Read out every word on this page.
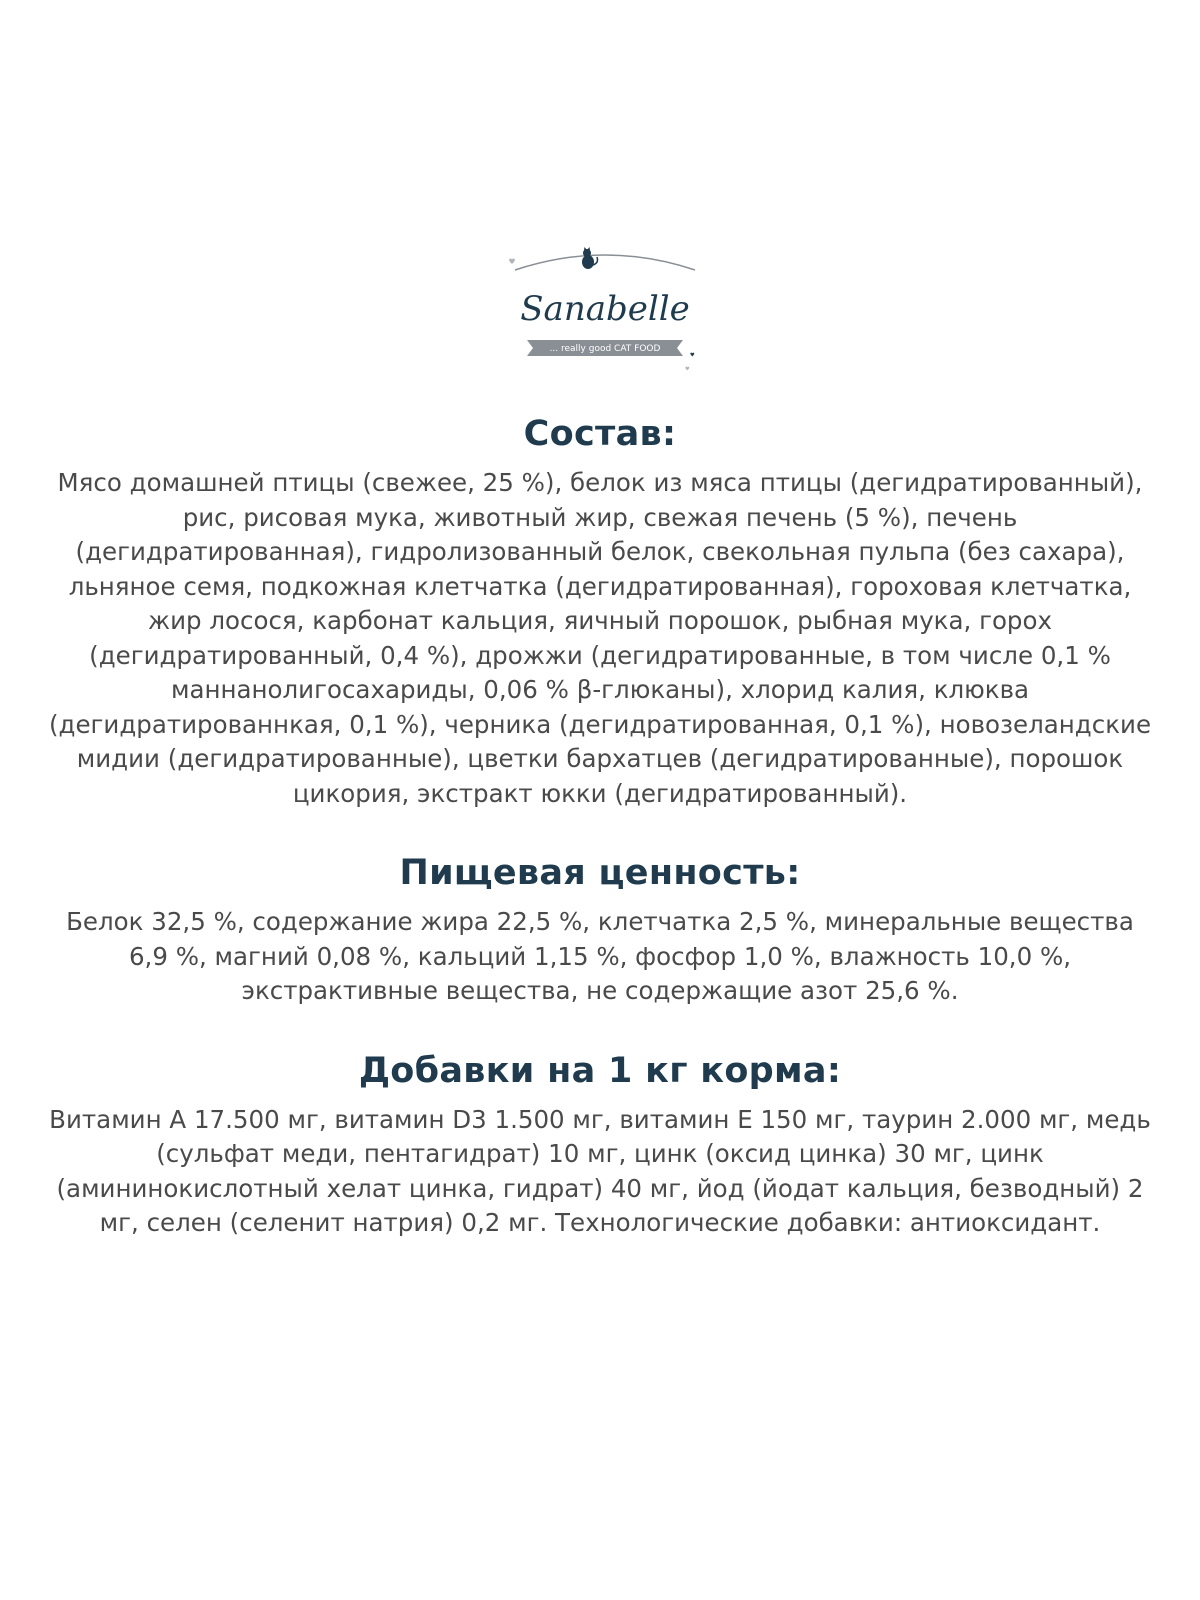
Sanabelle
... really good CAT FOOD
Состав:

Мясо домашней птицы (свежее, 25 %), белок из мяса птицы (дегидратированный), рис, рисовая мука, животный жир, свежая печень (5 %), печень (дегидратированная), гидролизованный белок, свекольная пульпа (без сахара), льняное семя, подкожная клетчатка (дегидратированная), гороховая клетчатка, жир лосося, карбонат кальция, яичный порошок, рыбная мука, горох (дегидратированный, 0,4 %), дрожжи (дегидратированные, в том числе 0,1 % маннанолигосахариды, 0,06 % β-глюканы), хлорид калия, клюква (дегидратированнкая, 0,1 %), черника (дегидратированная, 0,1 %), новозеландские мидии (дегидратированные), цветки бархатцев (дегидратированные), порошок цикория, экстракт юкки (дегидратированный).

Пищевая ценность:

Белок 32,5 %, содержание жира 22,5 %, клетчатка 2,5 %, минеральные вещества 6,9 %, магний 0,08 %, кальций 1,15 %, фосфор 1,0 %, влажность 10,0 %, экстрактивные вещества, не содержащие азот 25,6 %.

Добавки на 1 кг корма:

Витамин А 17.500 мг, витамин D3 1.500 мг, витамин Е 150 мг, таурин 2.000 мг, медь (сульфат меди, пентагидрат) 10 мг, цинк (оксид цинка) 30 мг, цинк (амининокислотный хелат цинка, гидрат) 40 мг, йод (йодат кальция, безводный) 2 мг, селен (селенит натрия) 0,2 мг. Технологические добавки: антиоксидант.
